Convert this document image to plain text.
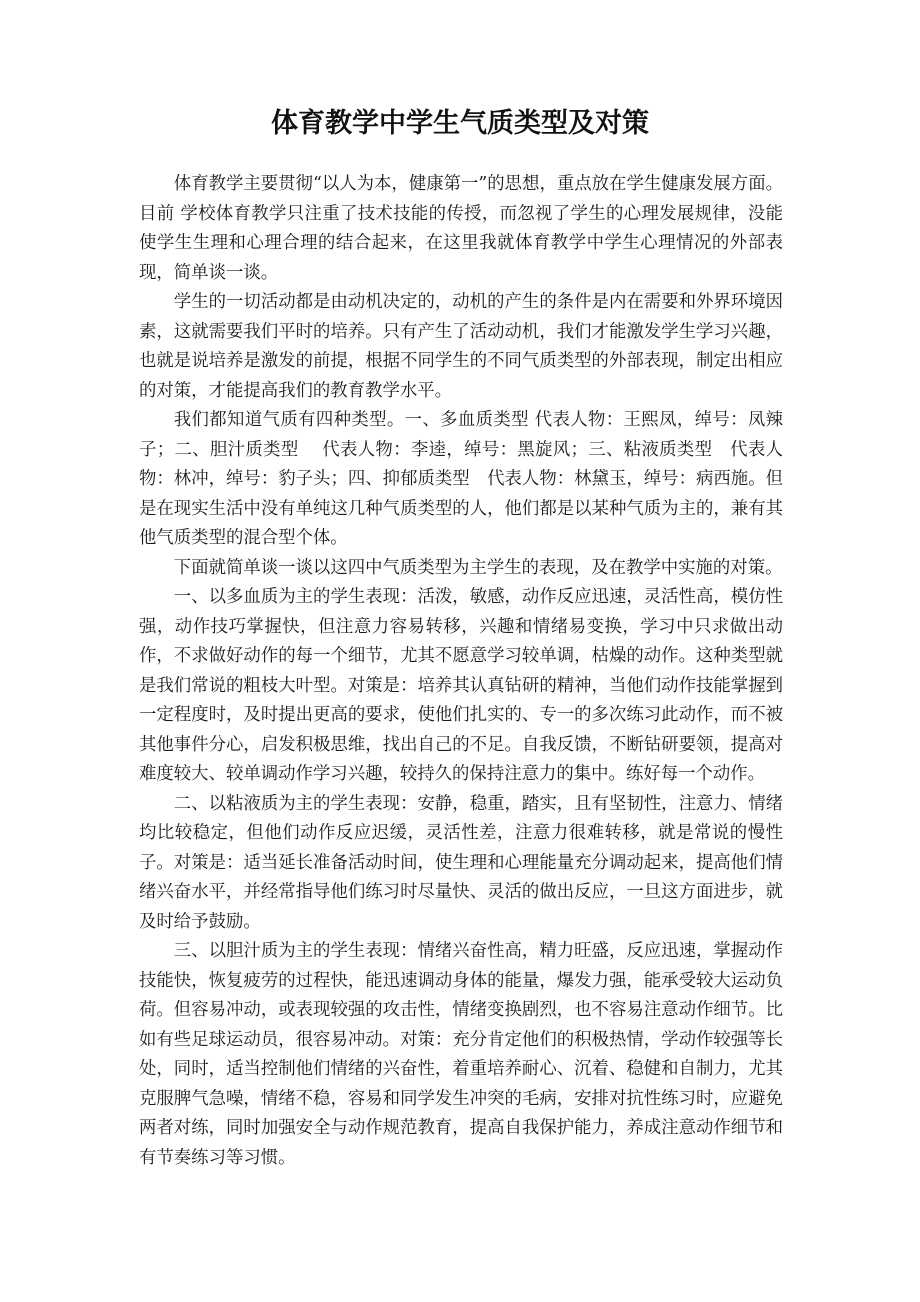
体育教学中学生气质类型及对策

体育教学主要贯彻“以人为本，健康第一”的思想，重点放在学生健康发展方面。目前 学校体育教学只注重了技术技能的传授，而忽视了学生的心理发展规律，没能使学生生理和心理合理的结合起来，在这里我就体育教学中学生心理情况的外部表现，简单谈一谈。

学生的一切活动都是由动机决定的，动机的产生的条件是内在需要和外界环境因素，这就需要我们平时的培养。只有产生了活动动机，我们才能激发学生学习兴趣，也就是说培养是激发的前提，根据不同学生的不同气质类型的外部表现，制定出相应的对策，才能提高我们的教育教学水平。

我们都知道气质有四种类型。一、多血质类型 代表人物：王熙凤，绰号：凤辣子；二、胆汁质类型　 代表人物：李逵，绰号：黑旋风；三、粘液质类型　代表人物：林冲，绰号：豹子头；四、抑郁质类型　代表人物：林黛玉，绰号：病西施。但是在现实生活中没有单纯这几种气质类型的人，他们都是以某种气质为主的，兼有其他气质类型的混合型个体。

下面就简单谈一谈以这四中气质类型为主学生的表现，及在教学中实施的对策。

一、以多血质为主的学生表现：活泼，敏感，动作反应迅速，灵活性高，模仿性强，动作技巧掌握快，但注意力容易转移，兴趣和情绪易变换，学习中只求做出动作，不求做好动作的每一个细节，尤其不愿意学习较单调，枯燥的动作。这种类型就是我们常说的粗枝大叶型。对策是：培养其认真钻研的精神，当他们动作技能掌握到一定程度时，及时提出更高的要求，使他们扎实的、专一的多次练习此动作，而不被其他事件分心，启发积极思维，找出自己的不足。自我反馈，不断钻研要领，提高对难度较大、较单调动作学习兴趣，较持久的保持注意力的集中。练好每一个动作。

二、以粘液质为主的学生表现：安静，稳重，踏实，且有坚韧性，注意力、情绪均比较稳定，但他们动作反应迟缓，灵活性差，注意力很难转移，就是常说的慢性子。对策是：适当延长准备活动时间，使生理和心理能量充分调动起来，提高他们情绪兴奋水平，并经常指导他们练习时尽量快、灵活的做出反应，一旦这方面进步，就及时给予鼓励。

三、以胆汁质为主的学生表现：情绪兴奋性高，精力旺盛，反应迅速，掌握动作技能快，恢复疲劳的过程快，能迅速调动身体的能量，爆发力强，能承受较大运动负荷。但容易冲动，或表现较强的攻击性，情绪变换剧烈，也不容易注意动作细节。比如有些足球运动员，很容易冲动。对策：充分肯定他们的积极热情，学动作较强等长处，同时，适当控制他们情绪的兴奋性，着重培养耐心、沉着、稳健和自制力，尤其克服脾气急噪，情绪不稳，容易和同学发生冲突的毛病，安排对抗性练习时，应避免两者对练，同时加强安全与动作规范教育，提高自我保护能力，养成注意动作细节和有节奏练习等习惯。
